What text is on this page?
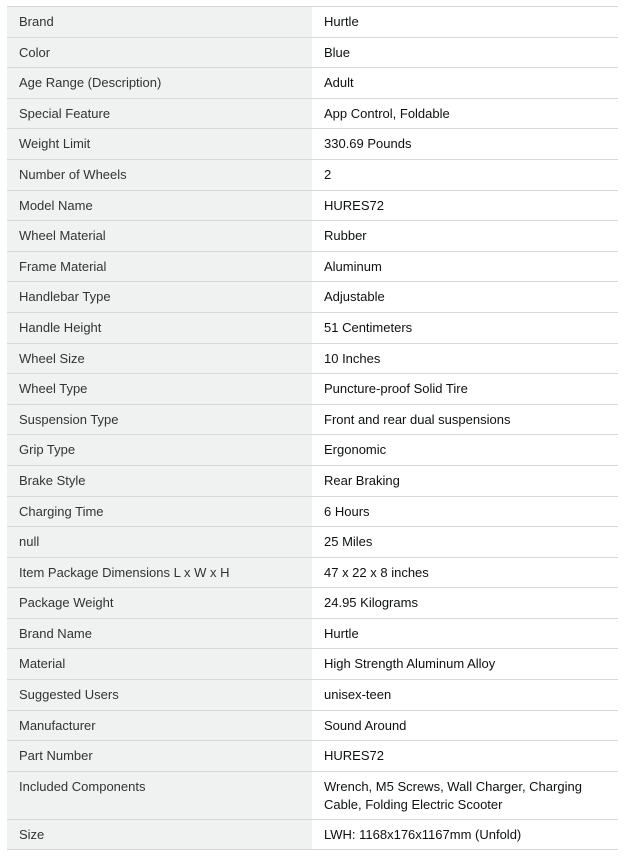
Brand	Hurtle
Color	Blue
Age Range (Description)	Adult
Special Feature	App Control, Foldable
Weight Limit	330.69 Pounds
Number of Wheels	2
Model Name	HURES72
Wheel Material	Rubber
Frame Material	Aluminum
Handlebar Type	Adjustable
Handle Height	51 Centimeters
Wheel Size	10 Inches
Wheel Type	Puncture-proof Solid Tire
Suspension Type	Front and rear dual suspensions
Grip Type	Ergonomic
Brake Style	Rear Braking
Charging Time	6 Hours
null	25 Miles
Item Package Dimensions L x W x H	47 x 22 x 8 inches
Package Weight	24.95 Kilograms
Brand Name	Hurtle
Material	High Strength Aluminum Alloy
Suggested Users	unisex-teen
Manufacturer	Sound Around
Part Number	HURES72
Included Components	Wrench, M5 Screws, Wall Charger, Charging Cable, Folding Electric Scooter
Size	LWH: 1168x176x1167mm (Unfold)
